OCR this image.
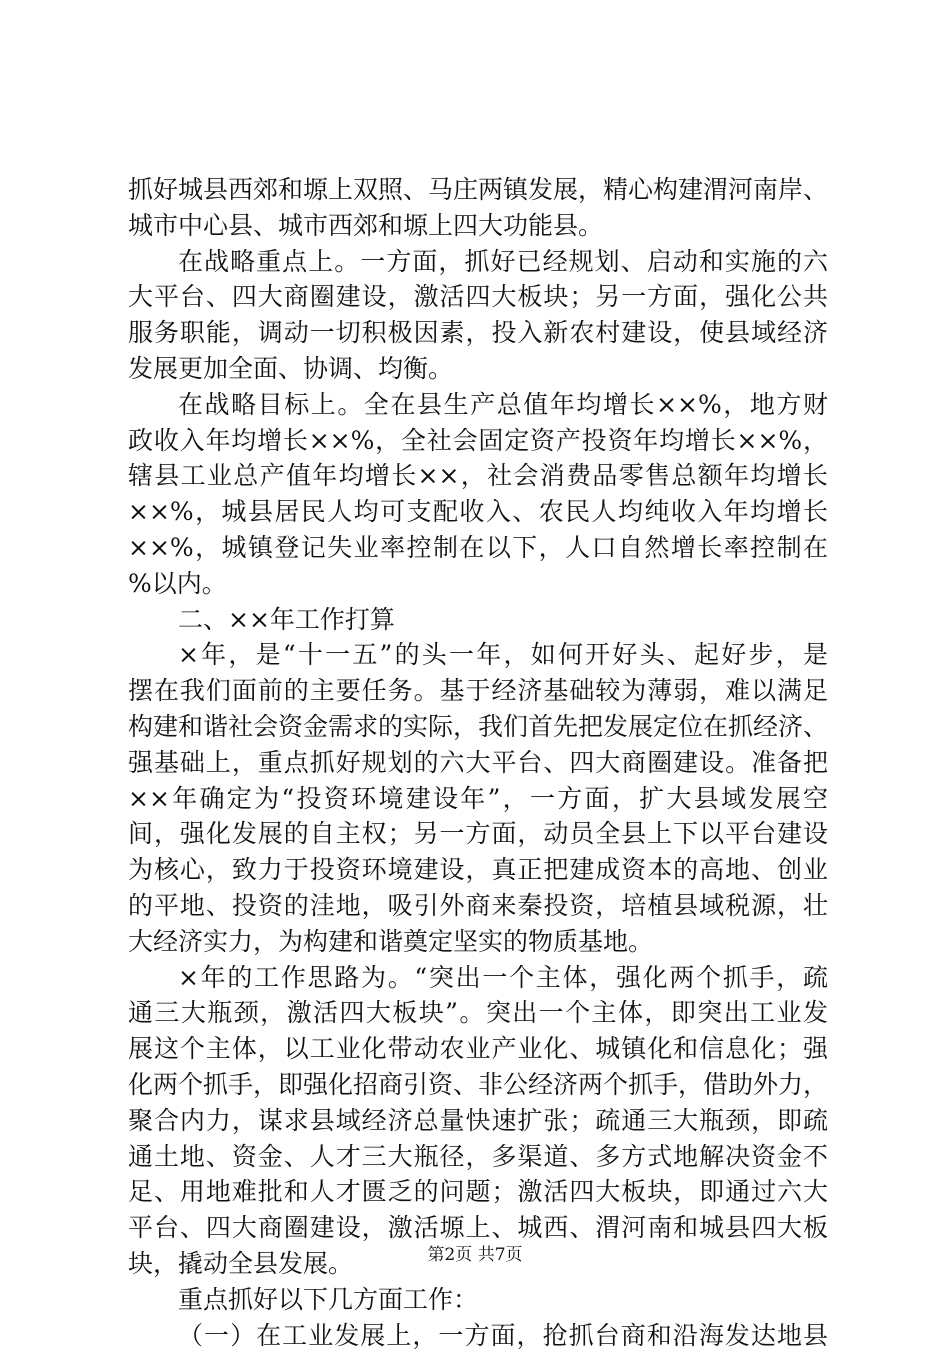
抓好城县西郊和塬上双照、马庄两镇发展，精心构建渭河南岸、
城市中心县、城市西郊和塬上四大功能县。
在战略重点上。一方面，抓好已经规划、启动和实施的六
大平台、四大商圈建设，激活四大板块；另一方面，强化公共
服务职能，调动一切积极因素，投入新农村建设，使县域经济
发展更加全面、协调、均衡。
在战略目标上。全在县生产总值年均增长××%，地方财
政收入年均增长××%，全社会固定资产投资年均增长××%，
辖县工业总产值年均增长××，社会消费品零售总额年均增长
××%，城县居民人均可支配收入、农民人均纯收入年均增长
××%，城镇登记失业率控制在以下，人口自然增长率控制在
%以内。
二、××年工作打算
×年，是“十一五”的头一年，如何开好头、起好步，是
摆在我们面前的主要任务。基于经济基础较为薄弱，难以满足
构建和谐社会资金需求的实际，我们首先把发展定位在抓经济、
强基础上，重点抓好规划的六大平台、四大商圈建设。准备把
××年确定为“投资环境建设年”，一方面，扩大县域发展空
间，强化发展的自主权；另一方面，动员全县上下以平台建设
为核心，致力于投资环境建设，真正把建成资本的高地、创业
的平地、投资的洼地，吸引外商来秦投资，培植县域税源，壮
大经济实力，为构建和谐奠定坚实的物质基地。
×年的工作思路为。“突出一个主体，强化两个抓手，疏
通三大瓶颈，激活四大板块”。突出一个主体，即突出工业发
展这个主体，以工业化带动农业产业化、城镇化和信息化；强
化两个抓手，即强化招商引资、非公经济两个抓手，借助外力，
聚合内力，谋求县域经济总量快速扩张；疏通三大瓶颈，即疏
通土地、资金、人才三大瓶径，多渠道、多方式地解决资金不
足、用地难批和人才匮乏的问题；激活四大板块，即通过六大
平台、四大商圈建设，激活塬上、城西、渭河南和城县四大板
块，撬动全县发展。
重点抓好以下几方面工作：
（一）在工业发展上，一方面，抢抓台商和沿海发达地县
第2页 共7页
